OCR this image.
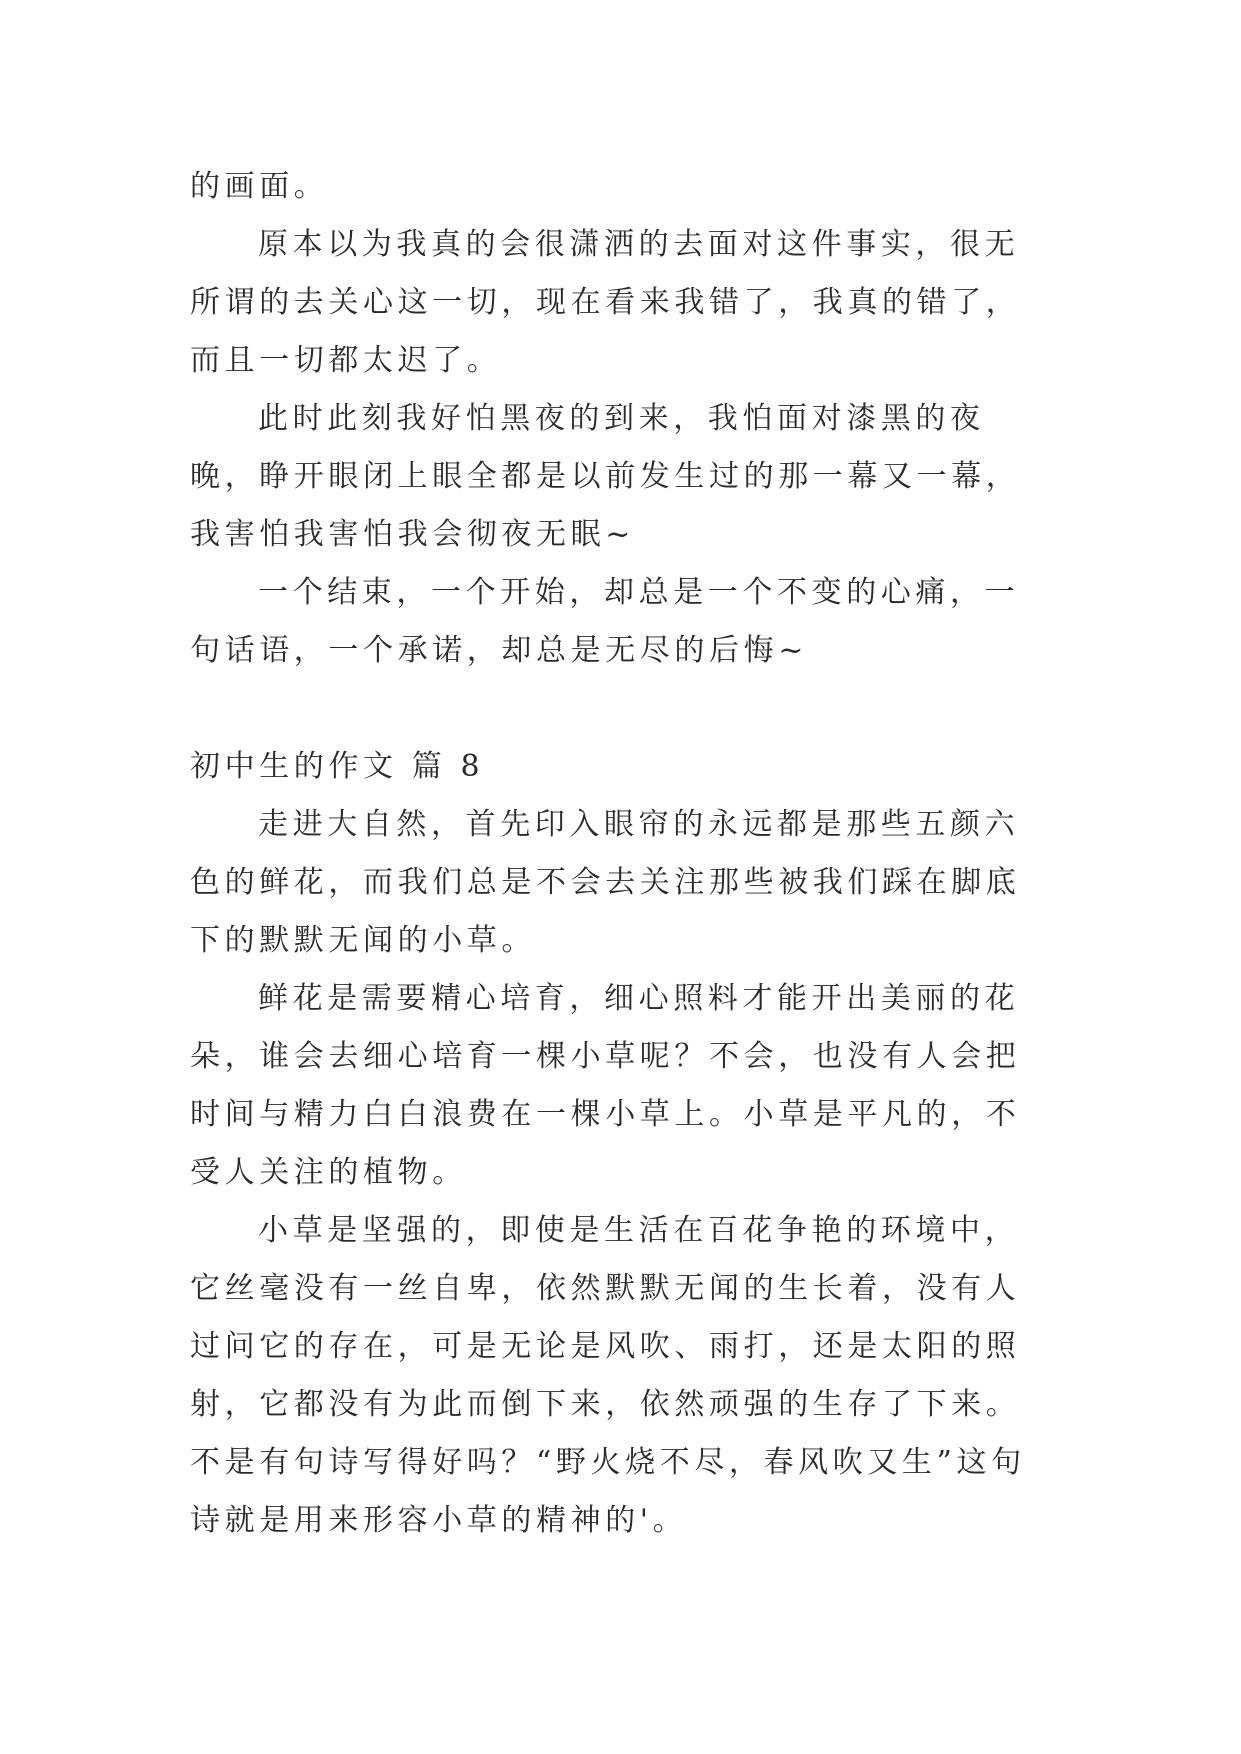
的画面。

原本以为我真的会很潇洒的去面对这件事实，很无所谓的去关心这一切，现在看来我错了，我真的错了，而且一切都太迟了。

此时此刻我好怕黑夜的到来，我怕面对漆黑的夜晚，睁开眼闭上眼全都是以前发生过的那一幕又一幕，我害怕我害怕我会彻夜无眠~

一个结束，一个开始，却总是一个不变的心痛，一句话语，一个承诺，却总是无尽的后悔~

初中生的作文 篇 8

走进大自然，首先印入眼帘的永远都是那些五颜六色的鲜花，而我们总是不会去关注那些被我们踩在脚底下的默默无闻的小草。

鲜花是需要精心培育，细心照料才能开出美丽的花朵，谁会去细心培育一棵小草呢？不会，也没有人会把时间与精力白白浪费在一棵小草上。小草是平凡的，不受人关注的植物。

小草是坚强的，即使是生活在百花争艳的环境中，它丝毫没有一丝自卑，依然默默无闻的生长着，没有人过问它的存在，可是无论是风吹、雨打，还是太阳的照射，它都没有为此而倒下来，依然顽强的生存了下来。不是有句诗写得好吗？“野火烧不尽，春风吹又生”这句诗就是用来形容小草的精神的'。
